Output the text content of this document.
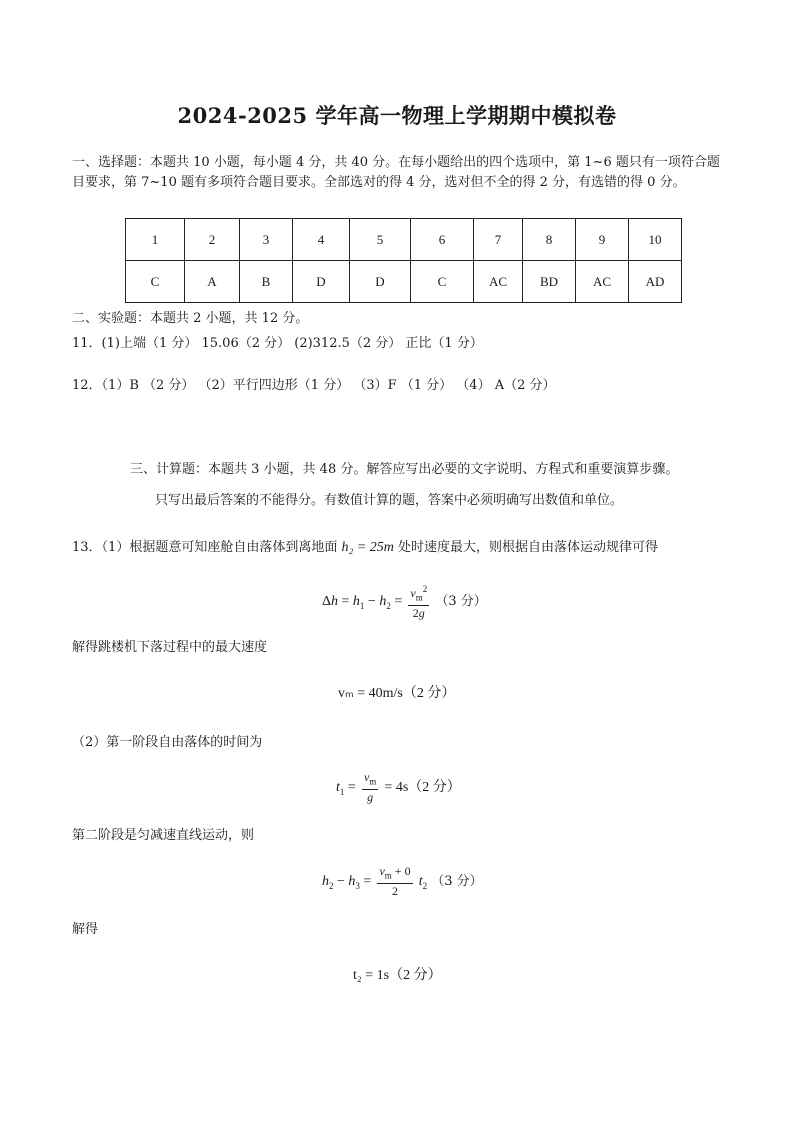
2024-2025 学年高一物理上学期期中模拟卷
一、选择题：本题共 10 小题，每小题 4 分，共 40 分。在每小题给出的四个选项中，第 1~6 题只有一项符合题目要求，第 7~10 题有多项符合题目要求。全部选对的得 4 分，选对但不全的得 2 分，有选错的得 0 分。
1	2	3	4	5	6	7	8	9	10
C	A	B	D	D	C	AC	BD	AC	AD
二、实验题：本题共 2 小题，共 12 分。
11．(1)上端（1 分） 15.06（2 分） (2)312.5（2 分） 正比（1 分）
12．（1）B （2 分） （2）平行四边形（1 分） （3）F （1 分） （4） A（2 分）
三、计算题：本题共 3 小题，共 48 分。解答应写出必要的文字说明、方程式和重要演算步骤。
只写出最后答案的不能得分。有数值计算的题，答案中必须明确写出数值和单位。
13．（1）根据题意可知座舱自由落体到离地面 h₂ = 25m 处时速度最大，则根据自由落体运动规律可得
$\Delta h = h_1 - h_2 = \frac{v_m^2}{2g} (3$ 分）
解得跳楼机下落过程中的最大速度
vₘ = 40m/s（2 分）
（2）第一阶段自由落体的时间为
$t_1 = \frac{v_m}{g} = 4s(2$ 分）
第二阶段是匀减速直线运动，则
$h_2 - h_3 = \frac{v_m + 0}{2} t_2$ （3 分）
解得
t₂ = 1s（2 分）
